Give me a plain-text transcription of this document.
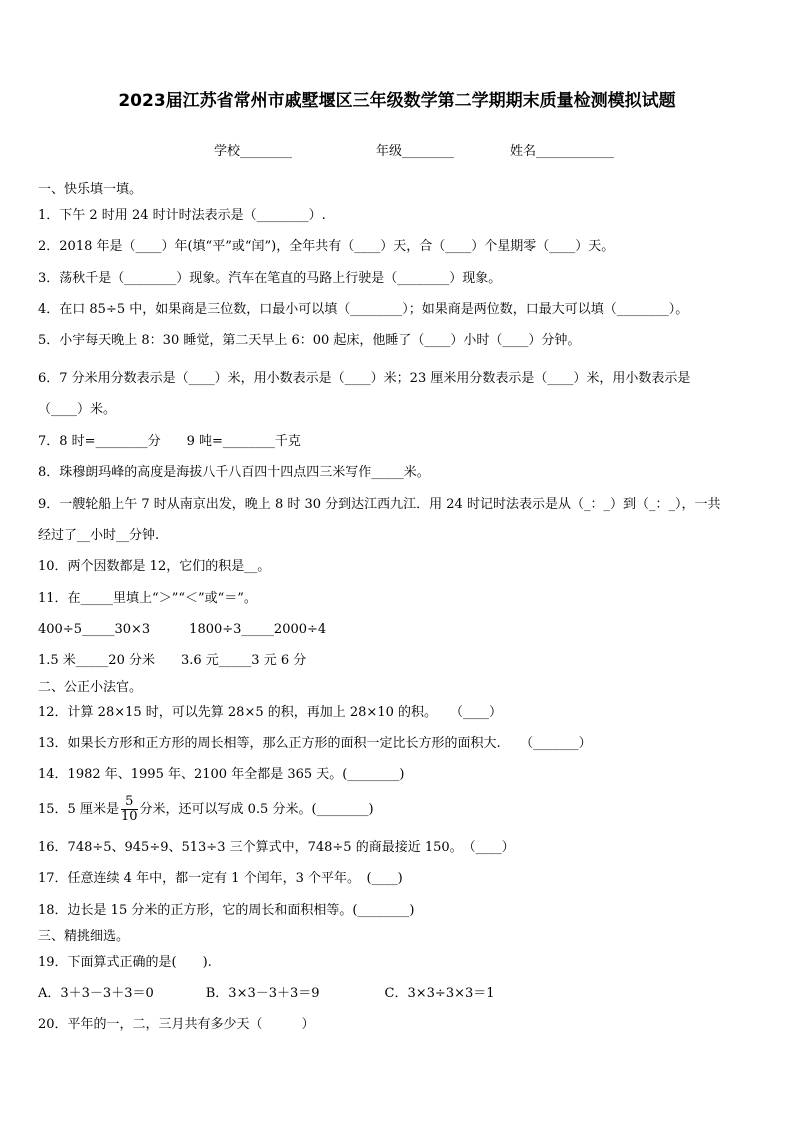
2023届江苏省常州市戚墅堰区三年级数学第二学期期末质量检测模拟试题
学校________	年级________	姓名____________
一、快乐填一填。
1．下午 2 时用 24 时计时法表示是（________）.
2．2018 年是（____）年(填“平”或“闰”)，全年共有（____）天，合（____）个星期零（____）天。
3．荡秋千是（________）现象。汽车在笔直的马路上行驶是（________）现象。
4．在口 85÷5 中，如果商是三位数，口最小可以填（________）；如果商是两位数，口最大可以填（________）。
5．小宇每天晚上 8：30 睡觉，第二天早上 6：00 起床，他睡了（____）小时（____）分钟。
6．7 分米用分数表示是（____）米，用小数表示是（____）米；23 厘米用分数表示是（____）米，用小数表示是
（____）米。
7．8 时=________分　　9 吨=________千克
8．珠穆朗玛峰的高度是海拔八千八百四十四点四三米写作_____米。
9．一艘轮船上午 7 时从南京出发，晚上 8 时 30 分到达江西九江．用 24 时记时法表示是从（_：_）到（_：_），一共
经过了__小时__分钟.
10．两个因数都是 12，它们的积是__。
11．在_____里填上“＞”“＜”或“＝”。
400÷5_____30×3　　　1800÷3_____2000÷4
1.5 米_____20 分米　　3.6 元_____3 元 6 分
二、公正小法官。
12．计算 28×15 时，可以先算 28×5 的积，再加上 28×10 的积。　　（____）
13．如果长方形和正方形的周长相等，那么正方形的面积一定比长方形的面积大.　　（_______）
14．1982 年、1995 年、2100 年全都是 365 天。(________)
15．5 厘米是 $\frac{5}{10}$ 分米，还可以写成 0.5 分米。(________)
16．748÷5、945÷9、513÷3 三个算式中，748÷5 的商最接近 150。　（____）
17．任意连续 4 年中，都一定有 1 个闰年，3 个平年。　(____)
18．边长是 15 分米的正方形，它的周长和面积相等。(________)
三、精挑细选。
19．下面算式正确的是(　　).
A．3＋3－3＋3＝0　　　　B．3×3－3＋3＝9　　　　　C．3×3÷3×3＝1
20．平年的一，二，三月共有多少天（　　　）
